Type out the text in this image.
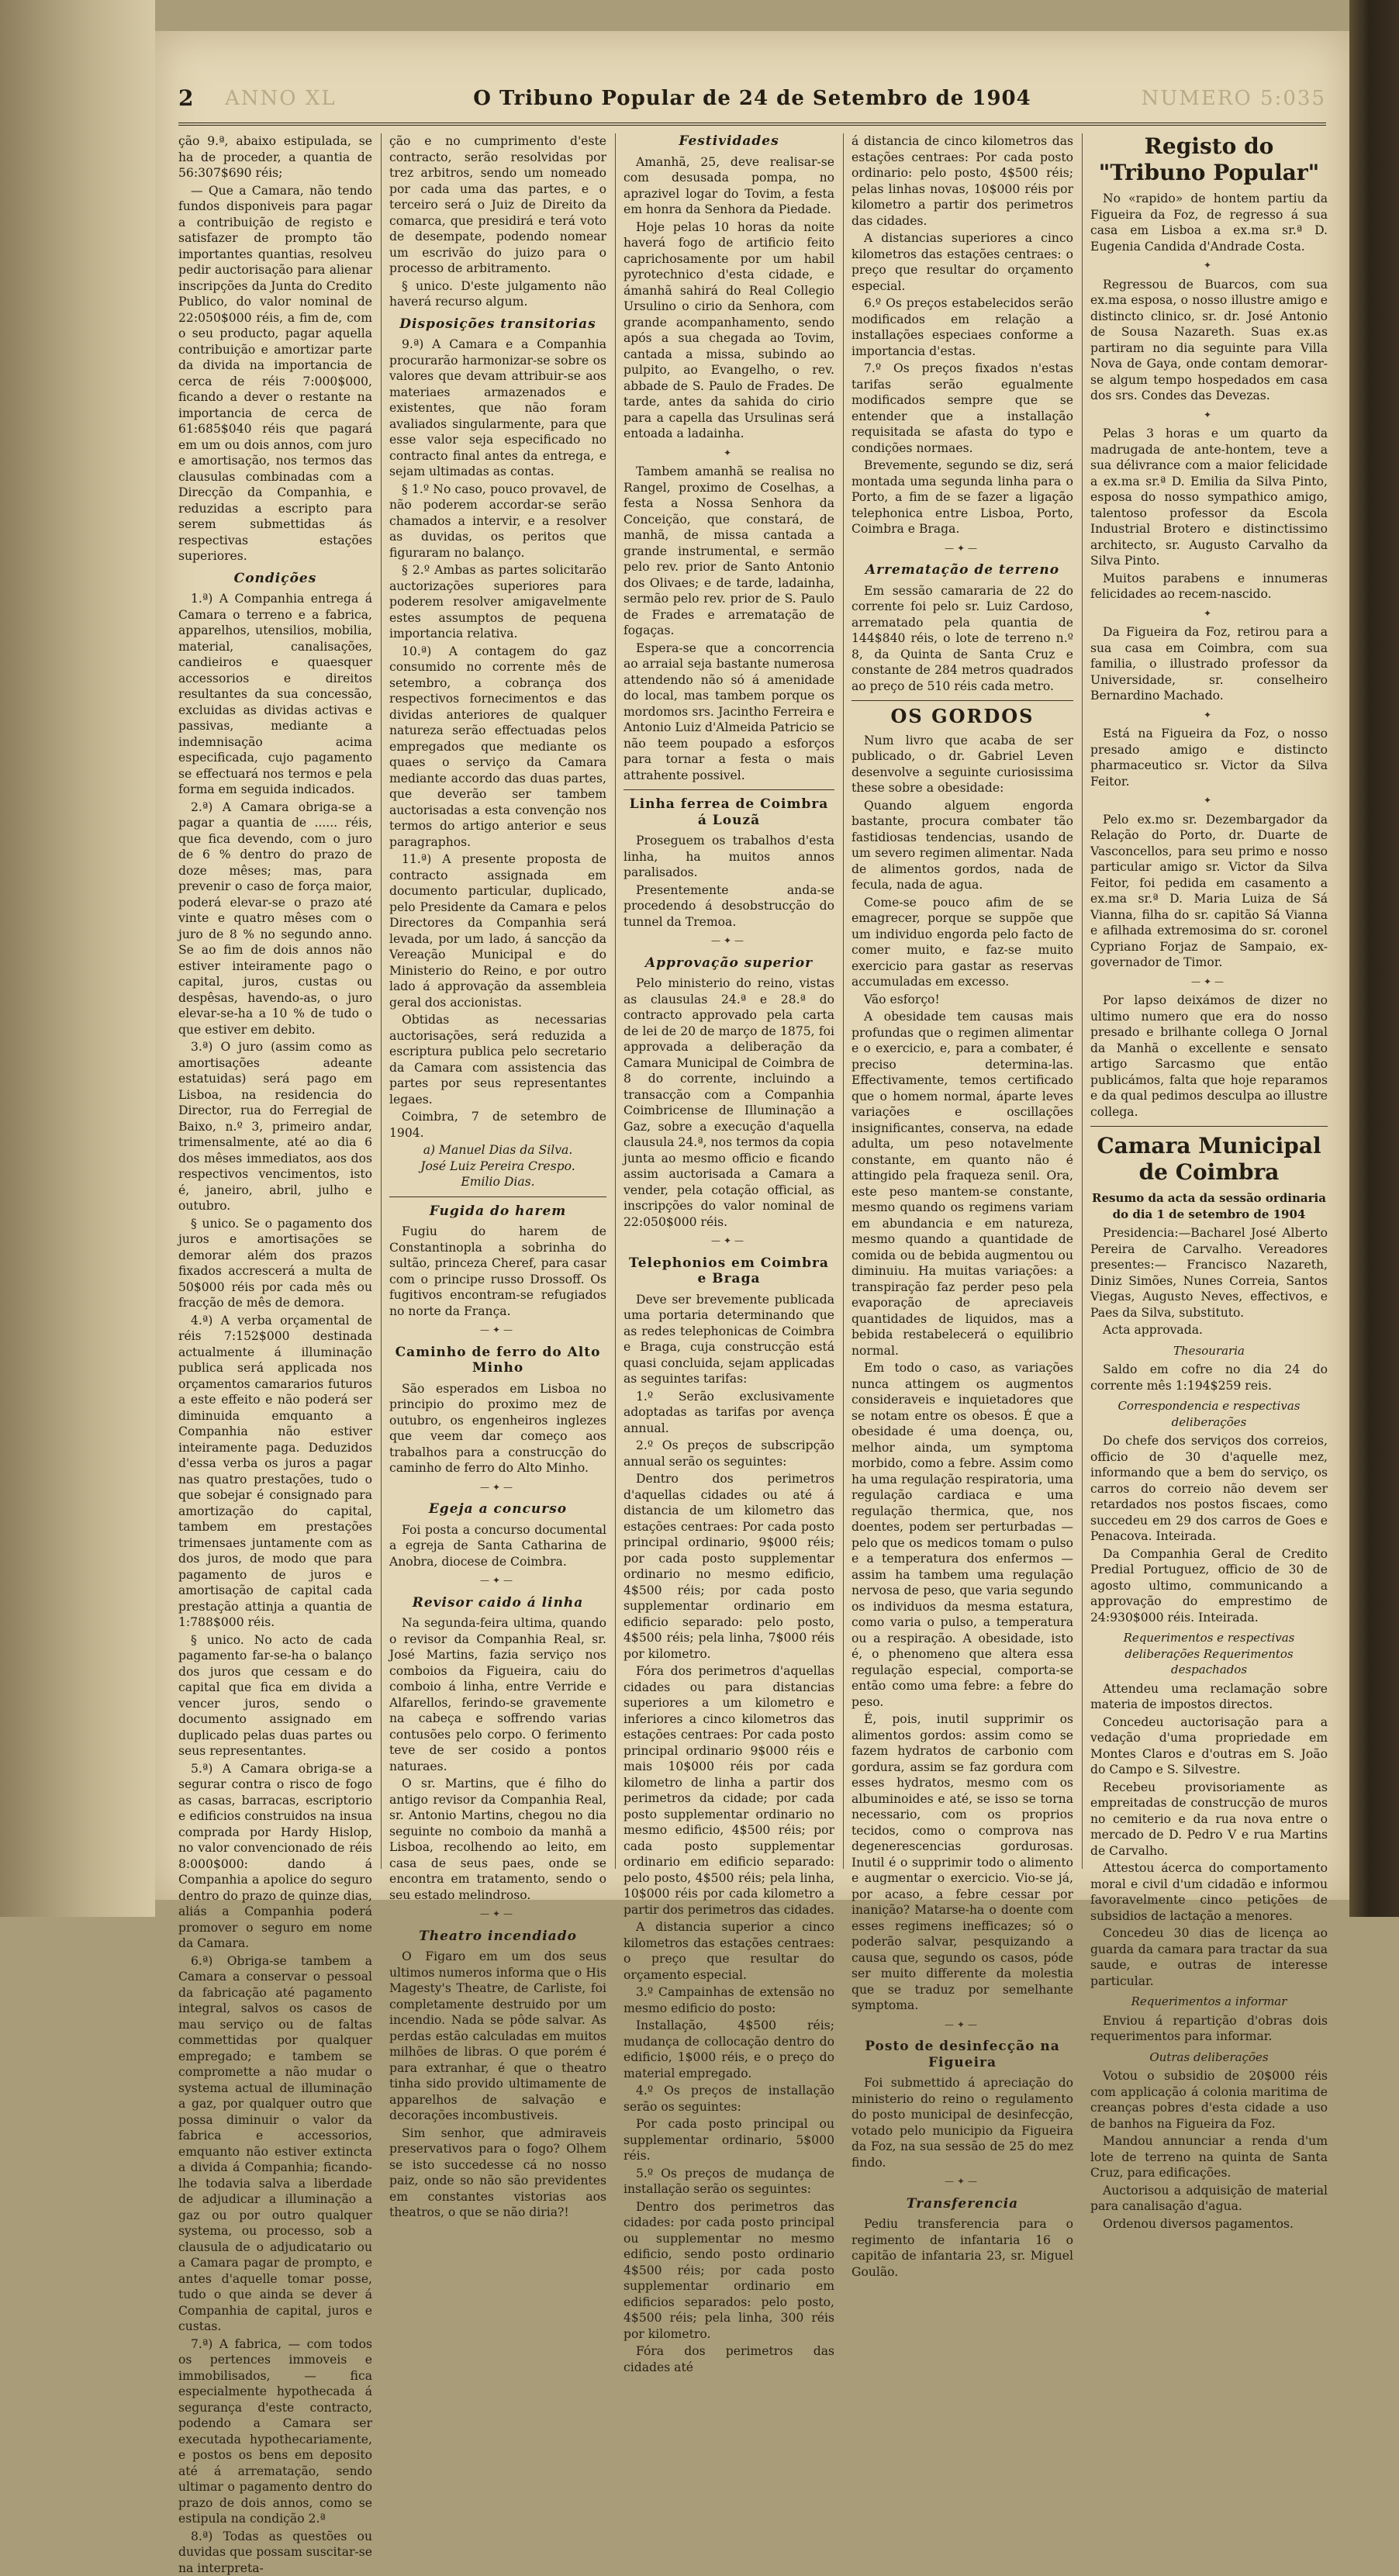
2 ANNO XL	O Tribuno Popular de 24 de Setembro de 1904	NUMERO 5:035

ção 9.ª, abaixo estipulada, se ha de proceder, a quantia de 56:307$690 réis;

— Que a Camara, não tendo fundos disponiveis para pagar a contribuição de registo e satisfazer de prompto tão importantes quantias, resolveu pedir auctorisação para alienar inscripções da Junta do Credito Publico, do valor nominal de 22:050$000 réis, a fim de, com o seu producto, pagar aquella contribuição e amortizar parte da divida na importancia de cerca de réis 7:000$000, ficando a dever o restante na importancia de cerca de 61:685$040 réis que pagará em um ou dois annos, com juro e amortisação, nos termos das clausulas combinadas com a Direcção da Companhia, e reduzidas a escripto para serem submettidas ás respectivas estações superiores.

Condições

1.ª) A Companhia entrega á Camara o terreno e a fabrica, apparelhos, utensilios, mobilia, material, canalisações, candieiros e quaesquer accessorios e direitos resultantes da sua concessão, excluidas as dividas activas e passivas, mediante a indemnisação acima especificada, cujo pagamento se effectuará nos termos e pela forma em seguida indicados.

2.ª) A Camara obriga-se a pagar a quantia de ...... réis, que fica devendo, com o juro de 6 % dentro do prazo de doze mêses; mas, para prevenir o caso de força maior, poderá elevar-se o prazo até vinte e quatro mêses com o juro de 8 % no segundo anno. Se ao fim de dois annos não estiver inteiramente pago o capital, juros, custas ou despêsas, havendo-as, o juro elevar-se-ha a 10 % de tudo o que estiver em debito.

3.ª) O juro (assim como as amortisações adeante estatuidas) será pago em Lisboa, na residencia do Director, rua do Ferregial de Baixo, n.º 3, primeiro andar, trimensalmente, até ao dia 6 dos mêses immediatos, aos dos respectivos vencimentos, isto é, janeiro, abril, julho e outubro.

§ unico. Se o pagamento dos juros e amortisações se demorar além dos prazos fixados accrescerá a multa de 50$000 réis por cada mês ou fracção de mês de demora.

4.ª) A verba orçamental de réis 7:152$000 destinada actualmente á illuminação publica será applicada nos orçamentos camararios futuros a este effeito e não poderá ser diminuida emquanto a Companhia não estiver inteiramente paga. Deduzidos d'essa verba os juros a pagar nas quatro prestações, tudo o que sobejar é consignado para amortização do capital, tambem em prestações trimensaes juntamente com as dos juros, de modo que para pagamento de juros e amortisação de capital cada prestação attinja a quantia de 1:788$000 réis.

§ unico. No acto de cada pagamento far-se-ha o balanço dos juros que cessam e do capital que fica em divida a vencer juros, sendo o documento assignado em duplicado pelas duas partes ou seus representantes.

5.ª) A Camara obriga-se a segurar contra o risco de fogo as casas, barracas, escriptorio e edificios construidos na insua comprada por Hardy Hislop, no valor convencionado de réis 8:000$000: dando á Companhia a apolice do seguro dentro do prazo de quinze dias, aliás a Companhia poderá promover o seguro em nome da Camara.

6.ª) Obriga-se tambem a Camara a conservar o pessoal da fabricação até pagamento integral, salvos os casos de mau serviço ou de faltas commettidas por qualquer empregado; e tambem se compromette a não mudar o systema actual de illuminação a gaz, por qualquer outro que possa diminuir o valor da fabrica e accessorios, emquanto não estiver extincta a divida á Companhia; ficando-lhe todavia salva a liberdade de adjudicar a illuminação a gaz ou por outro qualquer systema, ou processo, sob a clausula de o adjudicatario ou a Camara pagar de prompto, e antes d'aquelle tomar posse, tudo o que ainda se dever á Companhia de capital, juros e custas.

7.ª) A fabrica, — com todos os pertences immoveis e immobilisados, — fica especialmente hypothecada á segurança d'este contracto, podendo a Camara ser executada hypothecariamente, e postos os bens em deposito até á arrematação, sendo ultimar o pagamento dentro do prazo de dois annos, como se estipula na condição 2.ª

8.ª) Todas as questões ou duvidas que possam suscitar-se na interpreta-

ção e no cumprimento d'este contracto, serão resolvidas por trez arbitros, sendo um nomeado por cada uma das partes, e o terceiro será o Juiz de Direito da comarca, que presidirá e terá voto de desempate, podendo nomear um escrivão do juizo para o processo de arbitramento.

§ unico. D'este julgamento não haverá recurso algum.

Disposições transitorias

9.ª) A Camara e a Companhia procurarão harmonizar-se sobre os valores que devam attribuir-se aos materiaes armazenados e existentes, que não foram avaliados singularmente, para que esse valor seja especificado no contracto final antes da entrega, e sejam ultimadas as contas.

§ 1.º No caso, pouco provavel, de não poderem accordar-se serão chamados a intervir, e a resolver as duvidas, os peritos que figuraram no balanço.

§ 2.º Ambas as partes solicitarão auctorizações superiores para poderem resolver amigavelmente estes assumptos de pequena importancia relativa.

10.ª) A contagem do gaz consumido no corrente mês de setembro, a cobrança dos respectivos fornecimentos e das dividas anteriores de qualquer natureza serão effectuadas pelos empregados que mediante os quaes o serviço da Camara mediante accordo das duas partes, que deverão ser tambem auctorisadas a esta convenção nos termos do artigo anterior e seus paragraphos.

11.ª) A presente proposta de contracto assignada em documento particular, duplicado, pelo Presidente da Camara e pelos Directores da Companhia será levada, por um lado, á sancção da Vereação Municipal e do Ministerio do Reino, e por outro lado á approvação da assembleia geral dos accionistas.

Obtidas as necessarias auctorisações, será reduzida a escriptura publica pelo secretario da Camara com assistencia das partes por seus representantes legaes.

Coimbra, 7 de setembro de 1904.

a) Manuel Dias da Silva.
José Luiz Pereira Crespo.
Emilio Dias.
Fugida do harem

Fugiu do harem de Constantinopla a sobrinha do sultão, princeza Cheref, para casar com o principe russo Drossoff. Os fugitivos encontram-se refugiados no norte da França.

—✦—
Caminho de ferro do Alto Minho

São esperados em Lisboa no principio do proximo mez de outubro, os engenheiros inglezes que veem dar começo aos trabalhos para a construcção do caminho de ferro do Alto Minho.

—✦—
Egeja a concurso

Foi posta a concurso documental a egreja de Santa Catharina de Anobra, diocese de Coimbra.

—✦—
Revisor caido á linha

Na segunda-feira ultima, quando o revisor da Companhia Real, sr. José Martins, fazia serviço nos comboios da Figueira, caiu do comboio á linha, entre Verride e Alfarellos, ferindo-se gravemente na cabeça e soffrendo varias contusões pelo corpo. O ferimento teve de ser cosido a pontos naturaes.

O sr. Martins, que é filho do antigo revisor da Companhia Real, sr. Antonio Martins, chegou no dia seguinte no comboio da manhã a Lisboa, recolhendo ao leito, em casa de seus paes, onde se encontra em tratamento, sendo o seu estado melindroso.

—✦—
Theatro incendiado

O Figaro em um dos seus ultimos numeros informa que o His Magesty's Theatre, de Carliste, foi completamente destruido por um incendio. Nada se pôde salvar. As perdas estão calculadas em muitos milhões de libras. O que porém é para extranhar, é que o theatro tinha sido provido ultimamente de apparelhos de salvação e decorações incombustiveis.

Sim senhor, que admiraveis preservativos para o fogo? Olhem se isto succedesse cá no nosso paiz, onde so não são previdentes em constantes vistorias aos theatros, o que se não diria?!

Festividades

Amanhã, 25, deve realisar-se com desusada pompa, no aprazivel logar do Tovim, a festa em honra da Senhora da Piedade.

Hoje pelas 10 horas da noite haverá fogo de artificio feito caprichosamente por um habil pyrotechnico d'esta cidade, e ámanhã sahirá do Real Collegio Ursulino o cirio da Senhora, com grande acompanhamento, sendo após a sua chegada ao Tovim, cantada a missa, subindo ao pulpito, ao Evangelho, o rev. abbade de S. Paulo de Frades. De tarde, antes da sahida do cirio para a capella das Ursulinas será entoada a ladainha.

✦

Tambem amanhã se realisa no Rangel, proximo de Coselhas, a festa a Nossa Senhora da Conceição, que constará, de manhã, de missa cantada a grande instrumental, e sermão pelo rev. prior de Santo Antonio dos Olivaes; e de tarde, ladainha, sermão pelo rev. prior de S. Paulo de Frades e arrematação de fogaças.

Espera-se que a concorrencia ao arraial seja bastante numerosa attendendo não só á amenidade do local, mas tambem porque os mordomos srs. Jacintho Ferreira e Antonio Luiz d'Almeida Patricio se não teem poupado a esforços para tornar a festa o mais attrahente possivel.

Linha ferrea de Coimbra á Louzã

Proseguem os trabalhos d'esta linha, ha muitos annos paralisados.

Presentemente anda-se procedendo á desobstrucção do tunnel da Tremoa.

—✦—
Approvação superior

Pelo ministerio do reino, vistas as clausulas 24.ª e 28.ª do contracto approvado pela carta de lei de 20 de março de 1875, foi approvada a deliberação da Camara Municipal de Coimbra de 8 do corrente, incluindo a transacção com a Companhia Coimbricense de Illuminação a Gaz, sobre a execução d'aquella clausula 24.ª, nos termos da copia junta ao mesmo officio e ficando assim auctorisada a Camara a vender, pela cotação official, as inscripções do valor nominal de 22:050$000 réis.

—✦—
Telephonios em Coimbra e Braga

Deve ser brevemente publicada uma portaria determinando que as redes telephonicas de Coimbra e Braga, cuja construcção está quasi concluida, sejam applicadas as seguintes tarifas:

1.º Serão exclusivamente adoptadas as tarifas por avença annual.

2.º Os preços de subscripção annual serão os seguintes:

Dentro dos perimetros d'aquellas cidades ou até á distancia de um kilometro das estações centraes: Por cada posto principal ordinario, 9$000 réis; por cada posto supplementar ordinario no mesmo edificio, 4$500 réis; por cada posto supplementar ordinario em edificio separado: pelo posto, 4$500 réis; pela linha, 7$000 réis por kilometro.

Fóra dos perimetros d'aquellas cidades ou para distancias superiores a um kilometro e inferiores a cinco kilometros das estações centraes: Por cada posto principal ordinario 9$000 réis e mais 10$000 réis por cada kilometro de linha a partir dos perimetros da cidade; por cada posto supplementar ordinario no mesmo edificio, 4$500 réis; por cada posto supplementar ordinario em edificio separado: pelo posto, 4$500 réis; pela linha, 10$000 réis por cada kilometro a partir dos perimetros das cidades.

A distancia superior a cinco kilometros das estações centraes: o preço que resultar do orçamento especial.

3.º Campainhas de extensão no mesmo edificio do posto:

Installação, 4$500 réis; mudança de collocação dentro do edificio, 1$000 réis, e o preço do material empregado.

4.º Os preços de installação serão os seguintes:

Por cada posto principal ou supplementar ordinario, 5$000 réis.

5.º Os preços de mudança de installação serão os seguintes:

Dentro dos perimetros das cidades: por cada posto principal ou supplementar no mesmo edificio, sendo posto ordinario 4$500 réis; por cada posto supplementar ordinario em edificios separados: pelo posto, 4$500 réis; pela linha, 300 réis por kilometro.

Fóra dos perimetros das cidades até

á distancia de cinco kilometros das estações centraes: Por cada posto ordinario: pelo posto, 4$500 réis; pelas linhas novas, 10$000 réis por kilometro a partir dos perimetros das cidades.

A distancias superiores a cinco kilometros das estações centraes: o preço que resultar do orçamento especial.

6.º Os preços estabelecidos serão modificados em relação a installações especiaes conforme a importancia d'estas.

7.º Os preços fixados n'estas tarifas serão egualmente modificados sempre que se entender que a installação requisitada se afasta do typo e condições normaes.

Brevemente, segundo se diz, será montada uma segunda linha para o Porto, a fim de se fazer a ligação telephonica entre Lisboa, Porto, Coimbra e Braga.

—✦—
Arrematação de terreno

Em sessão camararia de 22 do corrente foi pelo sr. Luiz Cardoso, arrematado pela quantia de 144$840 réis, o lote de terreno n.º 8, da Quinta de Santa Cruz e constante de 284 metros quadrados ao preço de 510 réis cada metro.

OS GORDOS

Num livro que acaba de ser publicado, o dr. Gabriel Leven desenvolve a seguinte curiosissima these sobre a obesidade:

Quando alguem engorda bastante, procura combater tão fastidiosas tendencias, usando de um severo regimen alimentar. Nada de alimentos gordos, nada de fecula, nada de agua.

Come-se pouco afim de se emagrecer, porque se suppõe que um individuo engorda pelo facto de comer muito, e faz-se muito exercicio para gastar as reservas accumuladas em excesso.

Vão esforço!

A obesidade tem causas mais profundas que o regimen alimentar e o exercicio, e, para a combater, é preciso determina-las. Effectivamente, temos certificado que o homem normal, áparte leves variações e oscillações insignificantes, conserva, na edade adulta, um peso notavelmente constante, em quanto não é attingido pela fraqueza senil. Ora, este peso mantem-se constante, mesmo quando os regimens variam em abundancia e em natureza, mesmo quando a quantidade de comida ou de bebida augmentou ou diminuiu. Ha muitas variações: a transpiração faz perder peso pela evaporação de apreciaveis quantidades de liquidos, mas a bebida restabelecerá o equilibrio normal.

Em todo o caso, as variações nunca attingem os augmentos consideraveis e inquietadores que se notam entre os obesos. É que a obesidade é uma doença, ou, melhor ainda, um symptoma morbido, como a febre. Assim como ha uma regulação respiratoria, uma regulação cardiaca e uma regulação thermica, que, nos doentes, podem ser perturbadas — pelo que os medicos tomam o pulso e a temperatura dos enfermos — assim ha tambem uma regulação nervosa de peso, que varia segundo os individuos da mesma estatura, como varia o pulso, a temperatura ou a respiração. A obesidade, isto é, o phenomeno que altera essa regulação especial, comporta-se então como uma febre: a febre do peso.

É, pois, inutil supprimir os alimentos gordos: assim como se fazem hydratos de carbonio com gordura, assim se faz gordura com esses hydratos, mesmo com os albuminoides e até, se isso se torna necessario, com os proprios tecidos, como o comprova nas degenerescencias gordurosas. Inutil é o supprimir todo o alimento e augmentar o exercicio. Vio-se já, por acaso, a febre cessar por inanição? Matarse-ha o doente com esses regimens inefficazes; só o poderão salvar, pesquizando a causa que, segundo os casos, póde ser muito differente da molestia que se traduz por semelhante symptoma.

—✦—
Posto de desinfecção na Figueira

Foi submettido á apreciação do ministerio do reino o regulamento do posto municipal de desinfecção, votado pelo municipio da Figueira da Foz, na sua sessão de 25 do mez findo.

—✦—
Transferencia

Pediu transferencia para o regimento de infantaria 16 o capitão de infantaria 23, sr. Miguel Goulão.

Registo do "Tribuno Popular"

No «rapido» de hontem partiu da Figueira da Foz, de regresso á sua casa em Lisboa a ex.ma sr.ª D. Eugenia Candida d'Andrade Costa.

✦

Regressou de Buarcos, com sua ex.ma esposa, o nosso illustre amigo e distincto clinico, sr. dr. José Antonio de Sousa Nazareth. Suas ex.as partiram no dia seguinte para Villa Nova de Gaya, onde contam demorar-se algum tempo hospedados em casa dos srs. Condes das Devezas.

✦

Pelas 3 horas e um quarto da madrugada de ante-hontem, teve a sua délivrance com a maior felicidade a ex.ma sr.ª D. Emilia da Silva Pinto, esposa do nosso sympathico amigo, talentoso professor da Escola Industrial Brotero e distinctissimo architecto, sr. Augusto Carvalho da Silva Pinto.

Muitos parabens e innumeras felicidades ao recem-nascido.

✦

Da Figueira da Foz, retirou para a sua casa em Coimbra, com sua familia, o illustrado professor da Universidade, sr. conselheiro Bernardino Machado.

✦

Está na Figueira da Foz, o nosso presado amigo e distincto pharmaceutico sr. Victor da Silva Feitor.

✦

Pelo ex.mo sr. Dezembargador da Relação do Porto, dr. Duarte de Vasconcellos, para seu primo e nosso particular amigo sr. Victor da Silva Feitor, foi pedida em casamento a ex.ma sr.ª D. Maria Luiza de Sá Vianna, filha do sr. capitão Sá Vianna e afilhada extremosima do sr. coronel Cypriano Forjaz de Sampaio, ex-governador de Timor.

—✦—

Por lapso deixámos de dizer no ultimo numero que era do nosso presado e brilhante collega O Jornal da Manhã o excellente e sensato artigo Sarcasmo que então publicámos, falta que hoje reparamos e da qual pedimos desculpa ao illustre collega.

Camara Municipal de Coimbra
Resumo da acta da sessão ordinaria do dia 1 de setembro de 1904

Presidencia:—Bacharel José Alberto Pereira de Carvalho. Vereadores presentes:— Francisco Nazareth, Diniz Simões, Nunes Correia, Santos Viegas, Augusto Neves, effectivos, e Paes da Silva, substituto.

Acta approvada.

Thesouraria

Saldo em cofre no dia 24 do corrente mês 1:194$259 reis.

Correspondencia e respectivas deliberações

Do chefe dos serviços dos correios, officio de 30 d'aquelle mez, informando que a bem do serviço, os carros do correio não devem ser retardados nos postos fiscaes, como succedeu em 29 dos carros de Goes e Penacova. Inteirada.

Da Companhia Geral de Credito Predial Portuguez, officio de 30 de agosto ultimo, communicando a approvação do emprestimo de 24:930$000 réis. Inteirada.

Requerimentos e respectivas deliberações Requerimentos despachados

Attendeu uma reclamação sobre materia de impostos directos.

Concedeu auctorisação para a vedação d'uma propriedade em Montes Claros e d'outras em S. João do Campo e S. Silvestre.

Recebeu provisoriamente as empreitadas de construcção de muros no cemiterio e da rua nova entre o mercado de D. Pedro V e rua Martins de Carvalho.

Attestou ácerca do comportamento moral e civil d'um cidadão e informou favoravelmente cinco petições de subsidios de lactação a menores.

Concedeu 30 dias de licença ao guarda da camara para tractar da sua saude, e outras de interesse particular.

Requerimentos a informar

Enviou á repartição d'obras dois requerimentos para informar.

Outras deliberações

Votou o subsidio de 20$000 réis com applicação á colonia maritima de creanças pobres d'esta cidade a uso de banhos na Figueira da Foz.

Mandou annunciar a renda d'um lote de terreno na quinta de Santa Cruz, para edificações.

Auctorisou a adquisição de material para canalisação d'agua.

Ordenou diversos pagamentos.
